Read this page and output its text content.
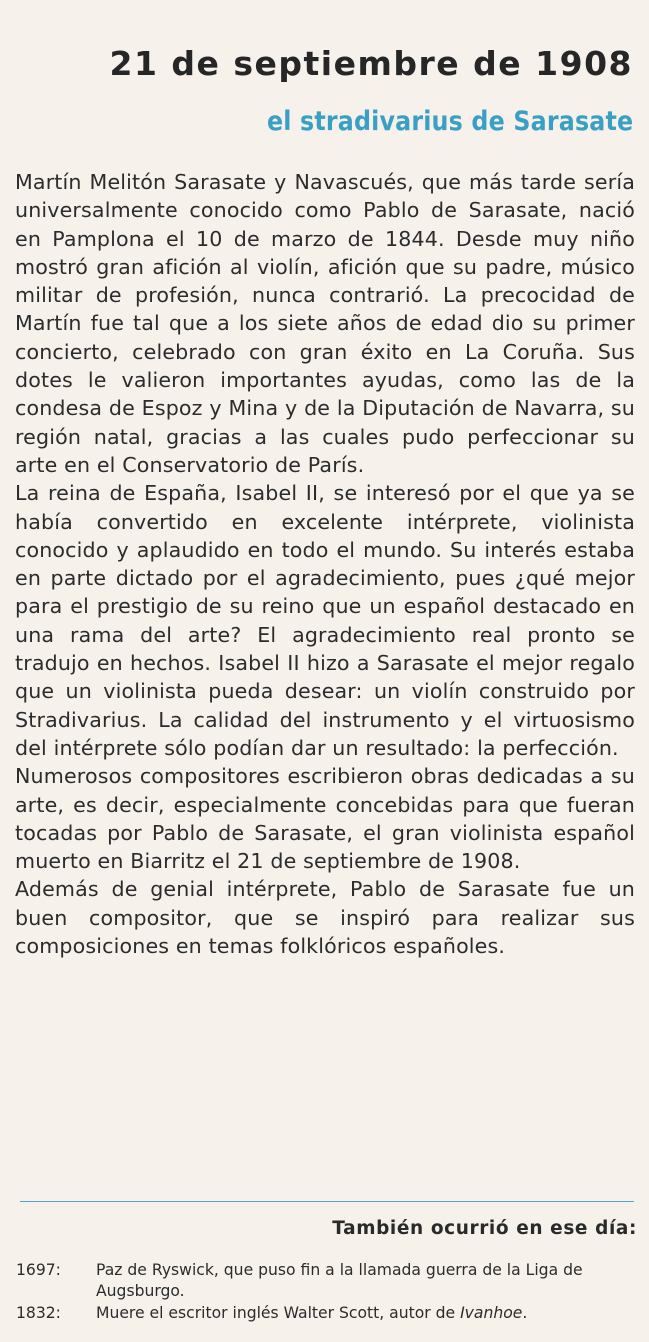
21 de septiembre de 1908
el stradivarius de Sarasate

Martín Melitón Sarasate y Navascués, que más tarde sería universalmente conocido como Pablo de Sarasate, nació en Pamplona el 10 de marzo de 1844. Desde muy niño mostró gran afición al violín, afición que su padre, músico militar de profesión, nunca contrarió. La precocidad de Martín fue tal que a los siete años de edad dio su primer concierto, celebrado con gran éxito en La Coruña. Sus dotes le valieron importantes ayudas, como las de la condesa de Espoz y Mina y de la Diputación de Navarra, su región natal, gracias a las cuales pudo perfeccionar su arte en el Conservatorio de París.

La reina de España, Isabel II, se interesó por el que ya se había convertido en excelente intérprete, violinista conocido y aplaudido en todo el mundo. Su interés estaba en parte dictado por el agradecimiento, pues ¿qué mejor para el prestigio de su reino que un español destacado en una rama del arte? El agradecimiento real pronto se tradujo en hechos. Isabel II hizo a Sarasate el mejor regalo que un violinista pueda desear: un violín construido por Stradivarius. La calidad del instrumento y el virtuosismo del intérprete sólo podían dar un resultado: la perfección.

Numerosos compositores escribieron obras dedicadas a su arte, es decir, especialmente concebidas para que fueran tocadas por Pablo de Sarasate, el gran violinista español muerto en Biarritz el 21 de septiembre de 1908.

Además de genial intérprete, Pablo de Sarasate fue un buen compositor, que se inspiró para realizar sus composiciones en temas folklóricos españoles.

También ocurrió en ese día:
1697:	Paz de Ryswick, que puso fin a la llamada guerra de la Liga de Augsburgo.
1832:	Muere el escritor inglés Walter Scott, autor de Ivanhoe.
